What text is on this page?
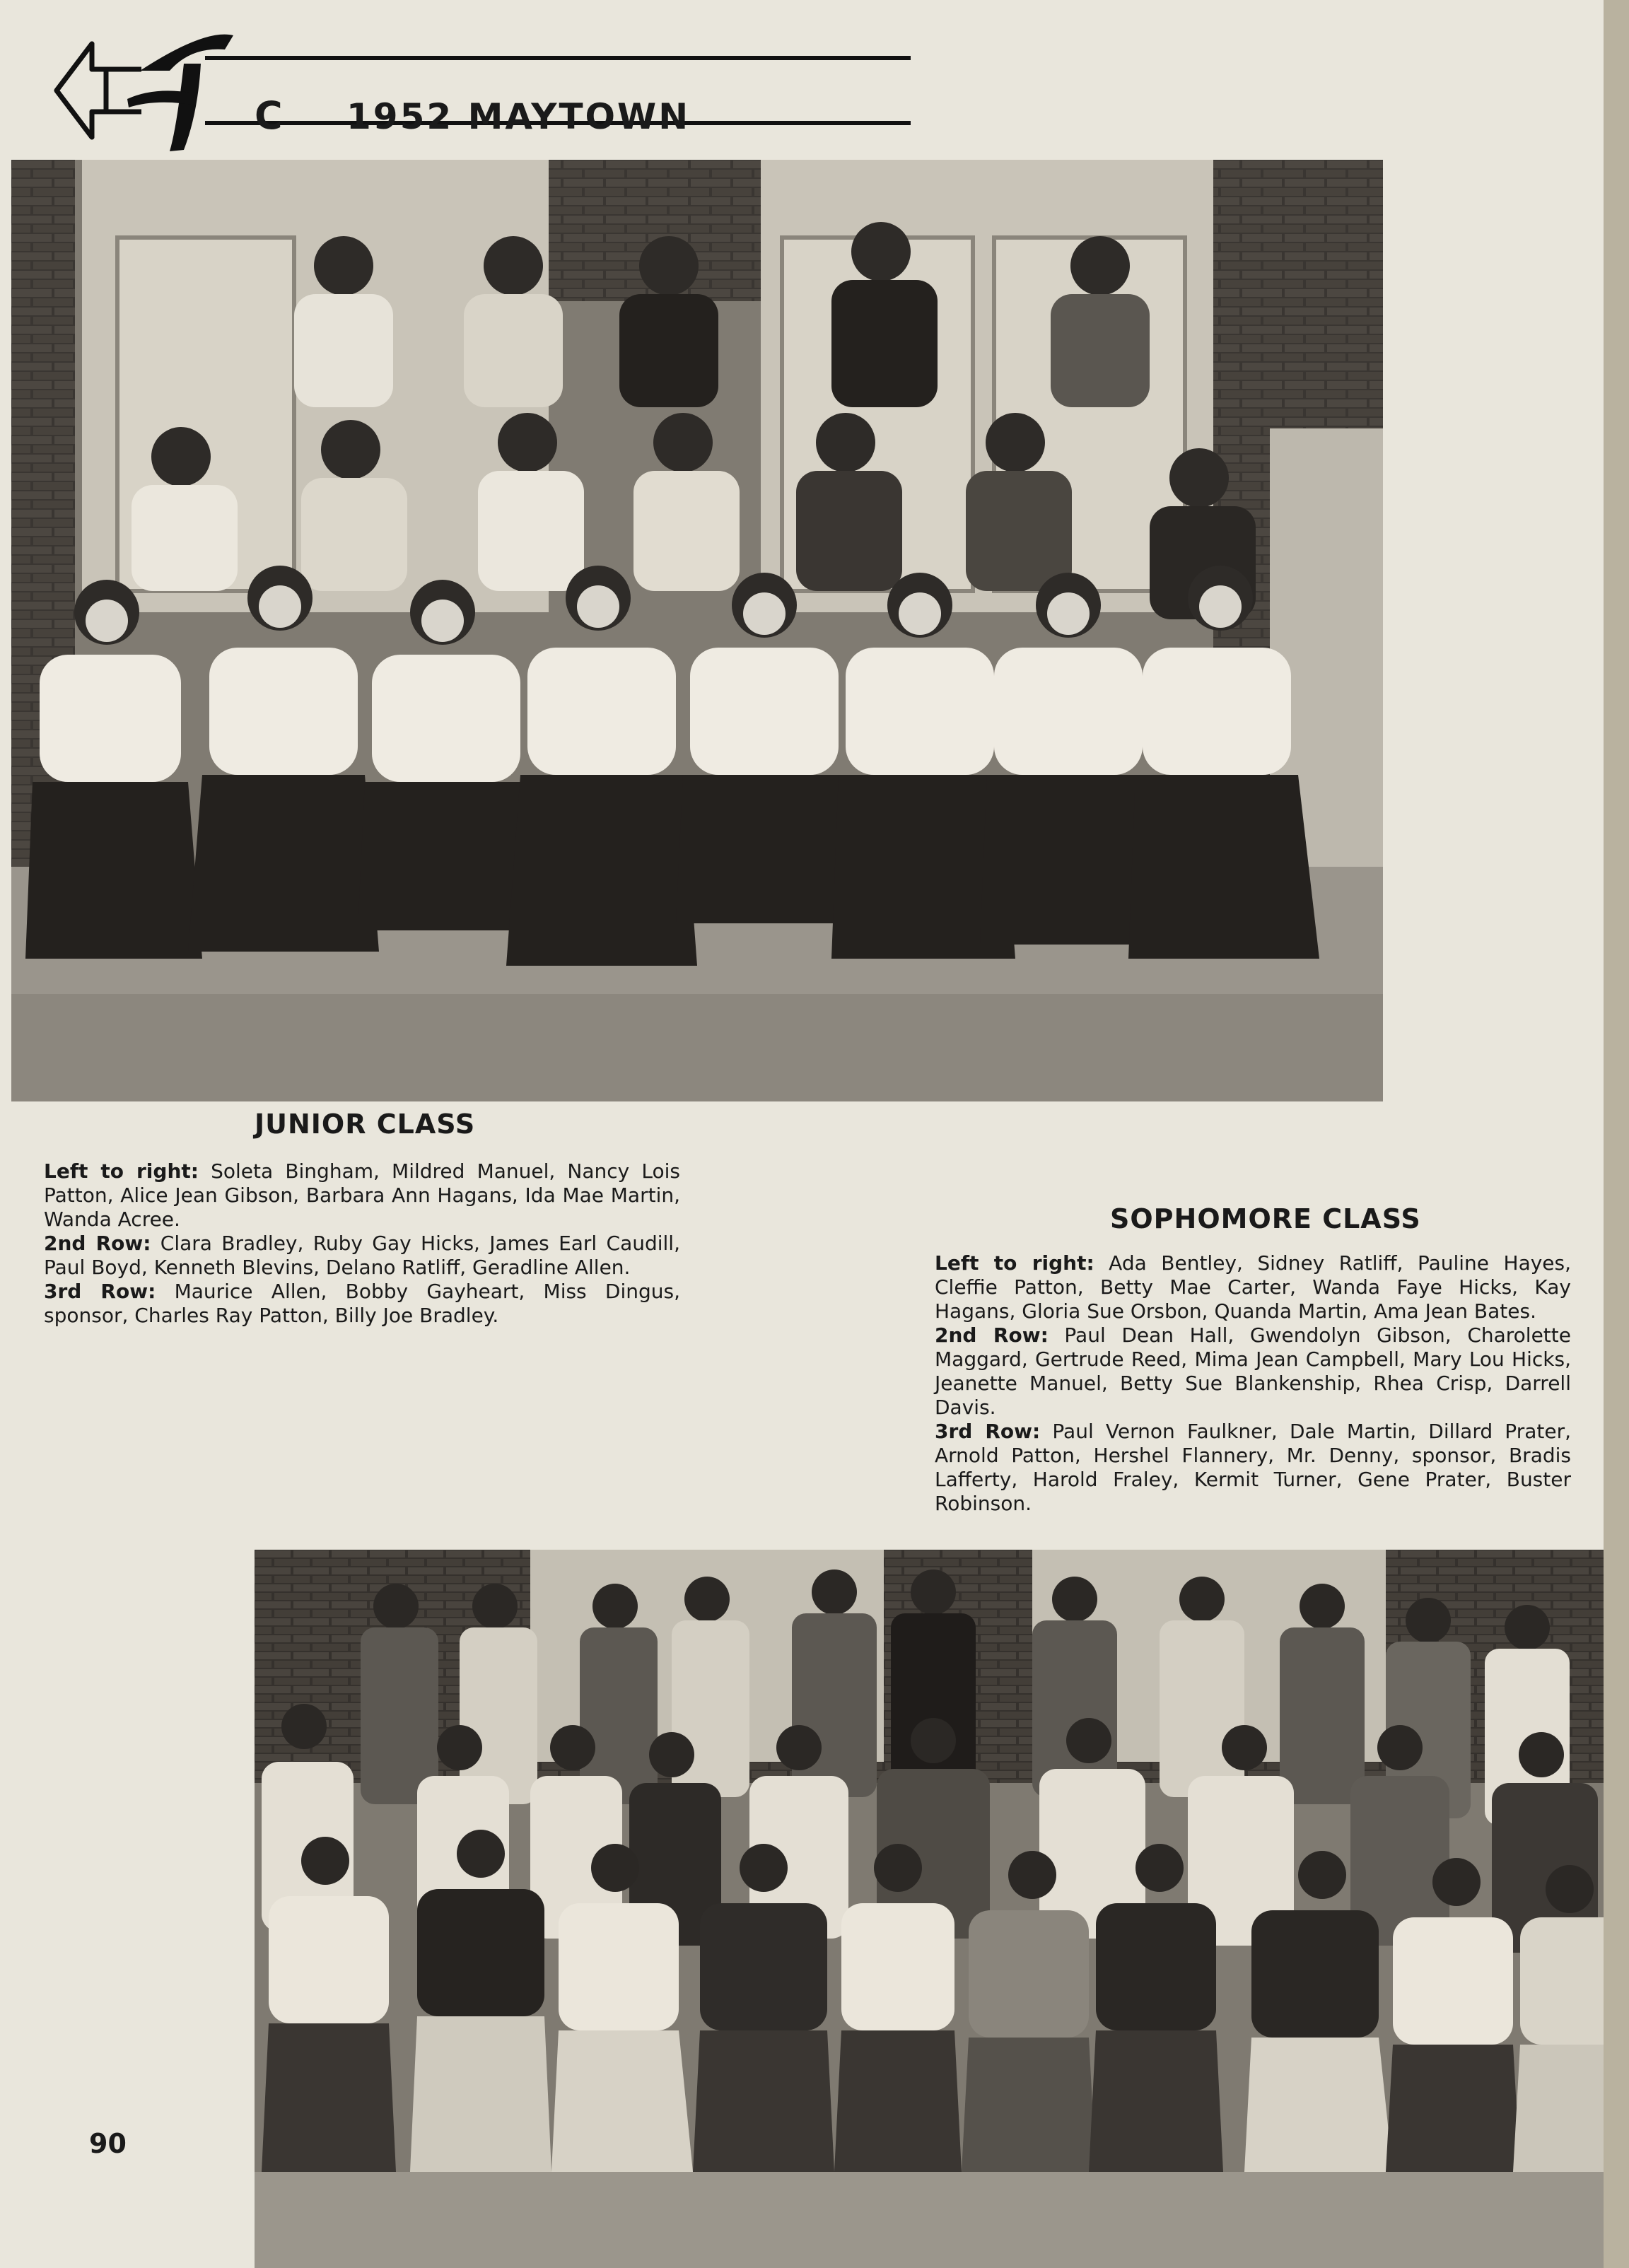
C 1952 MAYTOWN
JUNIOR CLASS

Left to right: Soleta Bingham, Mildred Manuel, Nancy Lois Patton, Alice Jean Gibson, Barbara Ann Hagans, Ida Mae Martin, Wanda Acree.
2nd Row: Clara Bradley, Ruby Gay Hicks, James Earl Caudill, Paul Boyd, Kenneth Blevins, Delano Ratliff, Geradline Allen.
3rd Row: Maurice Allen, Bobby Gayheart, Miss Dingus, sponsor, Charles Ray Patton, Billy Joe Bradley.

SOPHOMORE CLASS

Left to right: Ada Bentley, Sidney Ratliff, Pauline Hayes, Cleffie Patton, Betty Mae Carter, Wanda Faye Hicks, Kay Hagans, Gloria Sue Orsbon, Quanda Martin, Ama Jean Bates.
2nd Row: Paul Dean Hall, Gwendolyn Gibson, Charolette Maggard, Gertrude Reed, Mima Jean Campbell, Mary Lou Hicks, Jeanette Manuel, Betty Sue Blankenship, Rhea Crisp, Darrell Davis.
3rd Row: Paul Vernon Faulkner, Dale Martin, Dillard Prater, Arnold Patton, Hershel Flannery, Mr. Denny, sponsor, Bradis Lafferty, Harold Fraley, Kermit Turner, Gene Prater, Buster Robinson.

90
